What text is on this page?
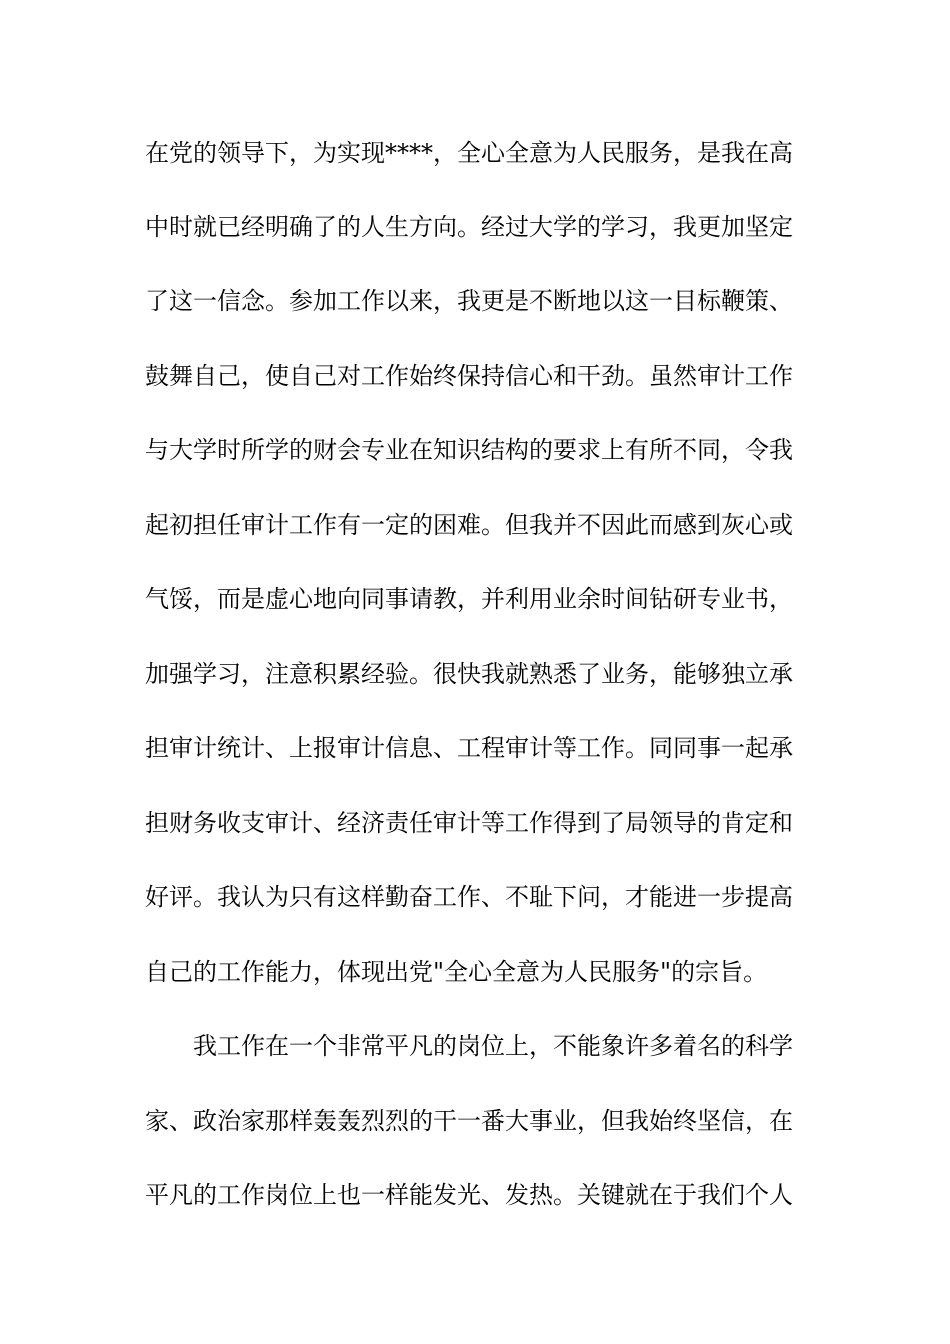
在党的领导下，为实现****，全心全意为人民服务，是我在高
中时就已经明确了的人生方向。经过大学的学习，我更加坚定
了这一信念。参加工作以来，我更是不断地以这一目标鞭策、
鼓舞自己，使自己对工作始终保持信心和干劲。虽然审计工作
与大学时所学的财会专业在知识结构的要求上有所不同，令我
起初担任审计工作有一定的困难。但我并不因此而感到灰心或
气馁，而是虚心地向同事请教，并利用业余时间钻研专业书，
加强学习，注意积累经验。很快我就熟悉了业务，能够独立承
担审计统计、上报审计信息、工程审计等工作。同同事一起承
担财务收支审计、经济责任审计等工作得到了局领导的肯定和
好评。我认为只有这样勤奋工作、不耻下问，才能进一步提高
自己的工作能力，体现出党"全心全意为人民服务"的宗旨。
我工作在一个非常平凡的岗位上，不能象许多着名的科学
家、政治家那样轰轰烈烈的干一番大事业，但我始终坚信，在
平凡的工作岗位上也一样能发光、发热。关键就在于我们个人
